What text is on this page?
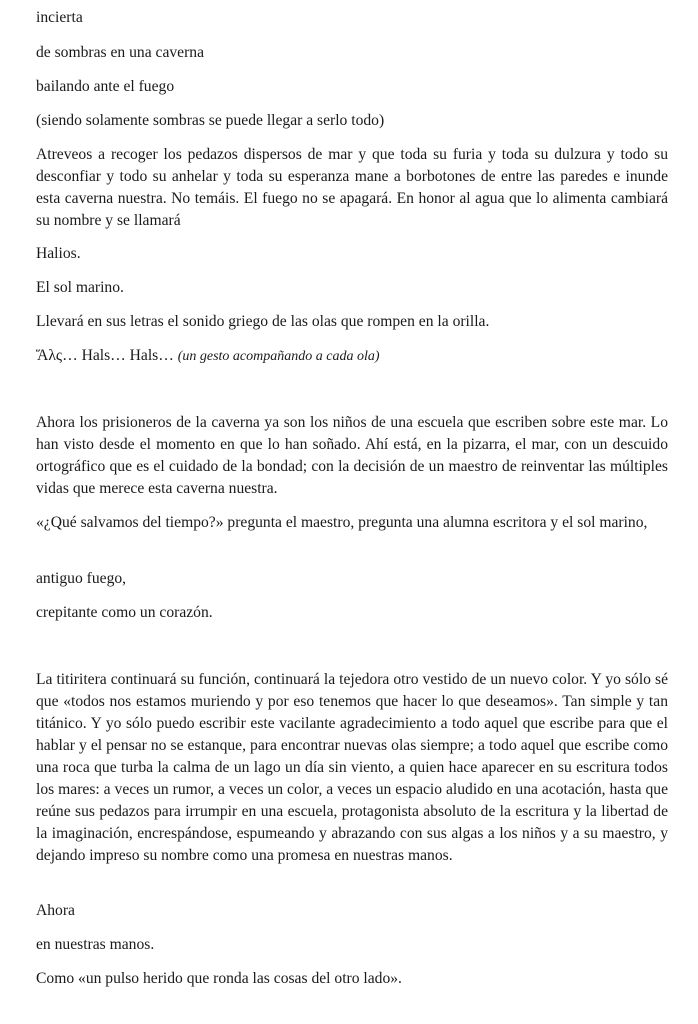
incierta

de sombras en una caverna

bailando ante el fuego

(siendo solamente sombras se puede llegar a serlo todo)

Atreveos a recoger los pedazos dispersos de mar y que toda su furia y toda su dulzura y todo su desconfiar y todo su anhelar y toda su esperanza mane a borbotones de entre las paredes e inunde esta caverna nuestra. No temáis. El fuego no se apagará. En honor al agua que lo alimenta cambiará su nombre y se llamará

Halios.

El sol marino.

Llevará en sus letras el sonido griego de las olas que rompen en la orilla.

Ἅλς… Hals… Hals… (un gesto acompañando a cada ola)

Ahora los prisioneros de la caverna ya son los niños de una escuela que escriben sobre este mar. Lo han visto desde el momento en que lo han soñado. Ahí está, en la pizarra, el mar, con un descuido ortográfico que es el cuidado de la bondad; con la decisión de un maestro de reinventar las múltiples vidas que merece esta caverna nuestra.

«¿Qué salvamos del tiempo?» pregunta el maestro, pregunta una alumna escritora y el sol marino,

antiguo fuego,

crepitante como un corazón.

La titiritera continuará su función, continuará la tejedora otro vestido de un nuevo color. Y yo sólo sé que «todos nos estamos muriendo y por eso tenemos que hacer lo que deseamos». Tan simple y tan titánico. Y yo sólo puedo escribir este vacilante agradecimiento a todo aquel que escribe para que el hablar y el pensar no se estanque, para encontrar nuevas olas siempre; a todo aquel que escribe como una roca que turba la calma de un lago un día sin viento, a quien hace aparecer en su escritura todos los mares: a veces un rumor, a veces un color, a veces un espacio aludido en una acotación, hasta que reúne sus pedazos para irrumpir en una escuela, protagonista absoluto de la escritura y la libertad de la imaginación, encrespándose, espumeando y abrazando con sus algas a los niños y a su maestro, y dejando impreso su nombre como una promesa en nuestras manos.

Ahora

en nuestras manos.

Como «un pulso herido que ronda las cosas del otro lado».
